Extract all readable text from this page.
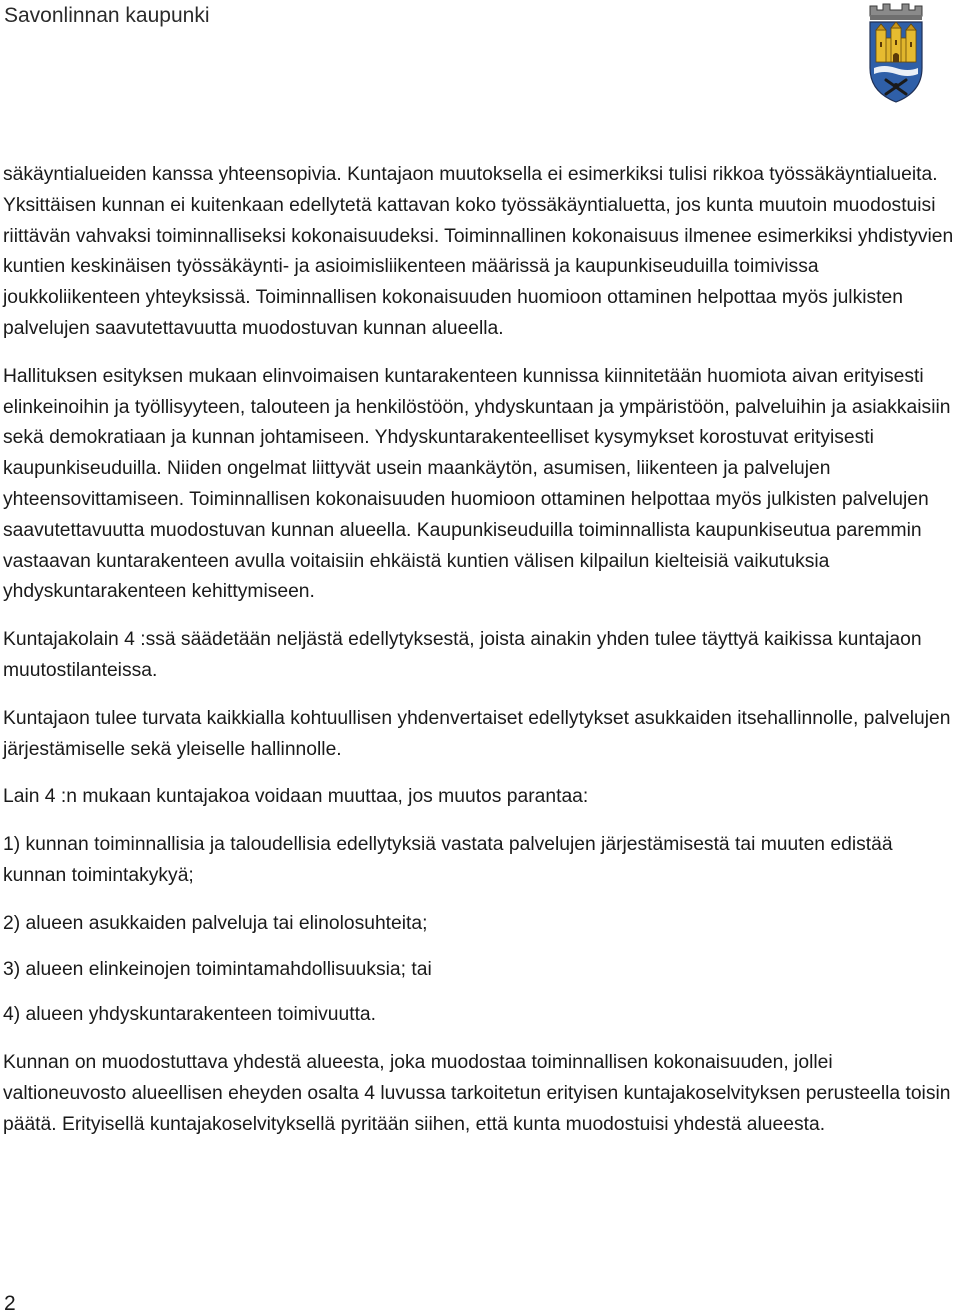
Savonlinnan kaupunki

säkäyntialueiden kanssa yhteensopivia. Kuntajaon muutoksella ei esimerkiksi tulisi rikkoa työssäkäyntialueita. Yksittäisen kunnan ei kuitenkaan edellytetä kattavan koko työssäkäyntialuetta, jos kunta muutoin muodostuisi riittävän vahvaksi toiminnalliseksi kokonaisuudeksi. Toiminnallinen kokonaisuus ilmenee esimerkiksi yhdistyvien kuntien keskinäisen työssäkäynti- ja asioimisliikenteen määrissä ja kaupunkiseuduilla toimivissa joukkoliikenteen yhteyksissä. Toiminnallisen kokonaisuuden huomioon ottaminen helpottaa myös julkisten palvelujen saavutettavuutta muodostuvan kunnan alueella.

Hallituksen esityksen mukaan elinvoimaisen kuntarakenteen kunnissa kiinnitetään huomiota aivan erityisesti elinkeinoihin ja työllisyyteen, talouteen ja henkilöstöön, yhdyskuntaan ja ympäristöön, palveluihin ja asiakkaisiin sekä demokratiaan ja kunnan johtamiseen. Yhdyskuntarakenteelliset kysymykset korostuvat erityisesti kaupunkiseuduilla. Niiden ongelmat liittyvät usein maankäytön, asumisen, liikenteen ja palvelujen yhteensovittamiseen. Toiminnallisen kokonaisuuden huomioon ottaminen helpottaa myös julkisten palvelujen saavutettavuutta muodostuvan kunnan alueella. Kaupunkiseuduilla toiminnallista kaupunkiseutua paremmin vastaavan kuntarakenteen avulla voitaisiin ehkäistä kuntien välisen kilpailun kielteisiä vaikutuksia yhdyskuntarakenteen kehittymiseen.

Kuntajakolain 4 :ssä säädetään neljästä edellytyksestä, joista ainakin yhden tulee täyttyä kaikissa kuntajaon muutostilanteissa.

Kuntajaon tulee turvata kaikkialla kohtuullisen yhdenvertaiset edellytykset asukkaiden itsehallinnolle, palvelujen järjestämiselle sekä yleiselle hallinnolle.

Lain 4 :n mukaan kuntajakoa voidaan muuttaa, jos muutos parantaa:

1) kunnan toiminnallisia ja taloudellisia edellytyksiä vastata palvelujen järjestämisestä tai muuten edistää kunnan toimintakykyä;

2) alueen asukkaiden palveluja tai elinolosuhteita;

3) alueen elinkeinojen toimintamahdollisuuksia; tai

4) alueen yhdyskuntarakenteen toimivuutta.

Kunnan on muodostuttava yhdestä alueesta, joka muodostaa toiminnallisen kokonaisuuden, jollei valtioneuvosto alueellisen eheyden osalta 4 luvussa tarkoitetun erityisen kuntajakoselvityksen perusteella toisin päätä. Erityisellä kuntajakoselvityksellä pyritään siihen, että kunta muodostuisi yhdestä alueesta.

2
